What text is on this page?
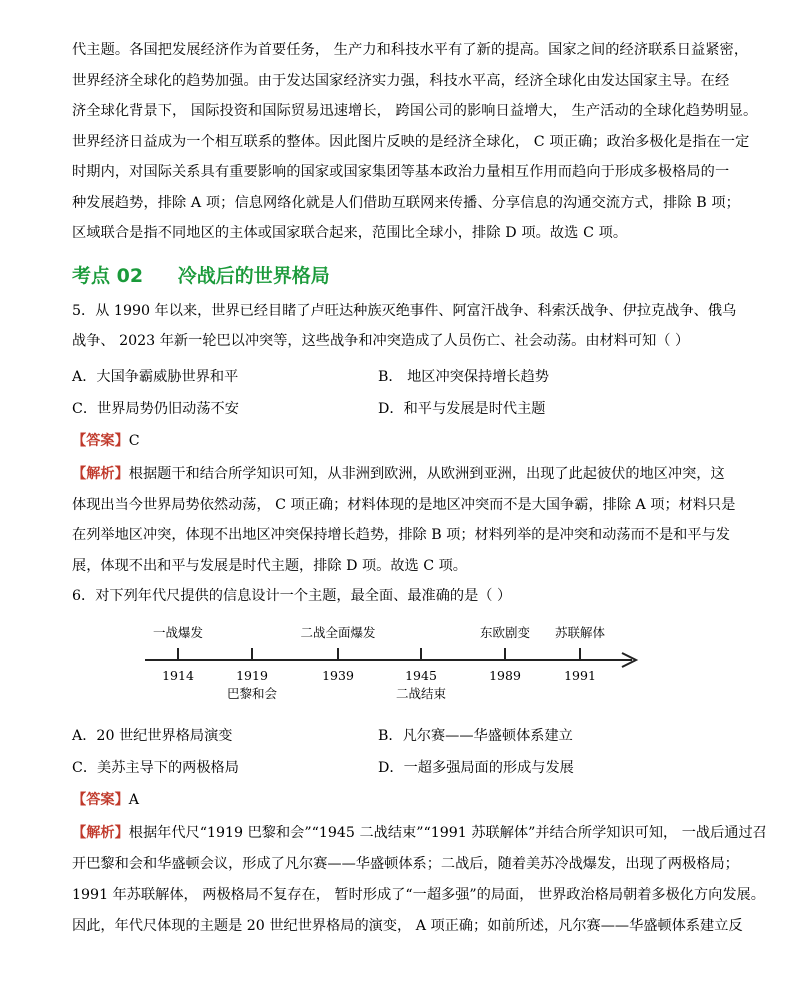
代主题。各国把发展经济作为首要任务， 生产力和科技水平有了新的提高。国家之间的经济联系日益紧密，
世界经济全球化的趋势加强。由于发达国家经济实力强，科技水平高，经济全球化由发达国家主导。在经
济全球化背景下， 国际投资和国际贸易迅速增长， 跨国公司的影响日益增大， 生产活动的全球化趋势明显。
世界经济日益成为一个相互联系的整体。因此图片反映的是经济全球化， C 项正确；政治多极化是指在一定
时期内，对国际关系具有重要影响的国家或国家集团等基本政治力量相互作用而趋向于形成多极格局的一
种发展趋势，排除 A 项；信息网络化就是人们借助互联网来传播、分享信息的沟通交流方式，排除 B 项；
区域联合是指不同地区的主体或国家联合起来，范围比全球小，排除 D 项。故选 C 项。
考点 02 冷战后的世界格局
5．从 1990 年以来，世界已经目睹了卢旺达种族灭绝事件、阿富汗战争、科索沃战争、伊拉克战争、俄乌
战争、 2023 年新一轮巴以冲突等，这些战争和冲突造成了人员伤亡、社会动荡。由材料可知（ ）
A．大国争霸威胁世界和平	B． 地区冲突保持增长趋势
C．世界局势仍旧动荡不安	D．和平与发展是时代主题
【答案】C
【解析】根据题干和结合所学知识可知，从非洲到欧洲，从欧洲到亚洲，出现了此起彼伏的地区冲突，这
体现出当今世界局势依然动荡， C 项正确；材料体现的是地区冲突而不是大国争霸，排除 A 项；材料只是
在列举地区冲突，体现不出地区冲突保持增长趋势，排除 B 项；材料列举的是冲突和动荡而不是和平与发
展，体现不出和平与发展是时代主题，排除 D 项。故选 C 项。
6．对下列年代尺提供的信息设计一个主题，最全面、最准确的是（ ）
一战爆发	二战全面爆发	东欧剧变 苏联解体
1914	1919	1939	1945	1989	1991
巴黎和会	二战结束
A．20 世纪世界格局演变	B．凡尔赛——华盛顿体系建立
C．美苏主导下的两极格局	D．一超多强局面的形成与发展
【答案】A
【解析】根据年代尺“1919 巴黎和会”“1945 二战结束”“1991 苏联解体”并结合所学知识可知， 一战后通过召
开巴黎和会和华盛顿会议，形成了凡尔赛——华盛顿体系；二战后，随着美苏冷战爆发，出现了两极格局；
1991 年苏联解体， 两极格局不复存在， 暂时形成了“一超多强”的局面， 世界政治格局朝着多极化方向发展。
因此，年代尺体现的主题是 20 世纪世界格局的演变， A 项正确；如前所述，凡尔赛——华盛顿体系建立反
